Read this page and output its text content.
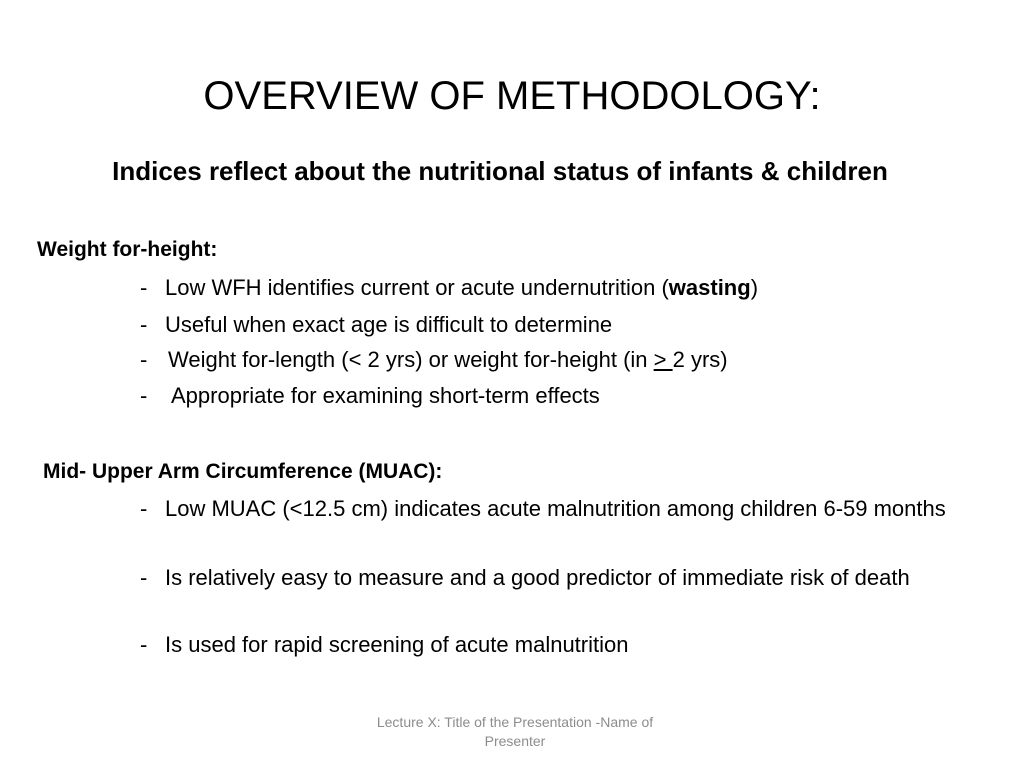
OVERVIEW OF METHODOLOGY:
Indices reflect about the nutritional status of infants & children
Weight for-height:
- Low WFH identifies current or acute undernutrition (wasting)
- Useful when exact age is difficult to determine
- Weight for-length (< 2 yrs) or weight for-height (in > 2 yrs)
-	Appropriate for examining short-term effects
Mid- Upper Arm Circumference (MUAC):
- Low MUAC (<12.5 cm) indicates acute malnutrition among children 6-59 months
- Is relatively easy to measure and a good predictor of immediate risk of death
- Is used for rapid screening of acute malnutrition
Lecture X: Title of the Presentation -Name of Presenter
